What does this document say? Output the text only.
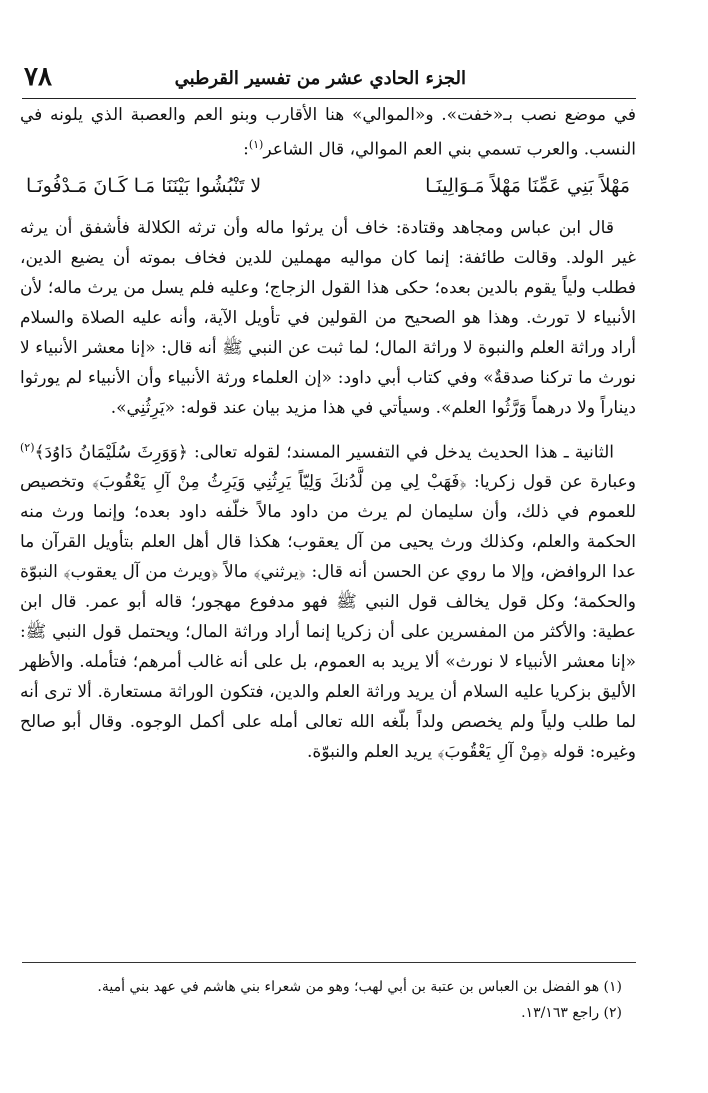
٧٨	الجزء الحادي عشر من تفسير القرطبي

في موضع نصب بـ«خفت». و«الموالي» هنا الأقارب وبنو العم والعصبة الذي يلونه في النسب. والعرب تسمي بني العم الموالي، قال الشاعر$^{(١)}$:

مَهْلاً بَنِي عَمِّنَا مَهْلاً مَـوَالِينَـا
لا تَنْبُشُوا بَيْنَنَا مَـا كَـانَ مَـدْفُونَـا

قال ابن عباس ومجاهد وقتادة: خاف أن يرثوا ماله وأن ترثه الكلالة فأشفق أن يرثه غير الولد. وقالت طائفة: إنما كان مواليه مهملين للدين فخاف بموته أن يضيع الدين، فطلب ولياً يقوم بالدين بعده؛ حكى هذا القول الزجاج؛ وعليه فلم يسل من يرث ماله؛ لأن الأنبياء لا تورث. وهذا هو الصحيح من القولين في تأويل الآية، وأنه عليه الصلاة والسلام أراد وراثة العلم والنبوة لا وراثة المال؛ لما ثبت عن النبي ﷺ أنه قال: «إنا معشر الأنبياء لا نورث ما تركنا صدقةٌ» وفي كتاب أبي داود: «إن العلماء ورثة الأنبياء وأن الأنبياء لم يورثوا ديناراً ولا درهماً وَرَّثُوا العلم». وسيأتي في هذا مزيد بيان عند قوله: «يَرِثُنِي».

الثانية ـ هذا الحديث يدخل في التفسير المسند؛ لقوله تعالى: ﴿وَوَرِثَ سُلَيْمَانُ دَاوُدَ﴾$^{(٢)}$ وعبارة عن قول زكريا: ﴿فَهَبْ لِي مِن لَّدُنكَ وَلِيّاً يَرِثُنِي وَيَرِثُ مِنْ آلِ يَعْقُوبَ﴾ وتخصيص للعموم في ذلك، وأن سليمان لم يرث من داود مالاً خلّفه داود بعده؛ وإنما ورث منه الحكمة والعلم، وكذلك ورث يحيى من آل يعقوب؛ هكذا قال أهل العلم بتأويل القرآن ما عدا الروافض، وإلا ما روي عن الحسن أنه قال: ﴿يرثني﴾ مالاً ﴿ويرث من آل يعقوب﴾ النبوّة والحكمة؛ وكل قول يخالف قول النبي ﷺ فهو مدفوع مهجور؛ قاله أبو عمر. قال ابن عطية: والأكثر من المفسرين على أن زكريا إنما أراد وراثة المال؛ ويحتمل قول النبي ﷺ: «إنا معشر الأنبياء لا نورث» ألا يريد به العموم، بل على أنه غالب أمرهم؛ فتأمله. والأظهر الأليق بزكريا عليه السلام أن يريد وراثة العلم والدين، فتكون الوراثة مستعارة. ألا ترى أنه لما طلب ولياً ولم يخصص ولداً بلّغه الله تعالى أمله على أكمل الوجوه. وقال أبو صالح وغيره: قوله ﴿مِنْ آلِ يَعْقُوبَ﴾ يريد العلم والنبوّة.

(١) هو الفضل بن العباس بن عتبة بن أبي لهب؛ وهو من شعراء بني هاشم في عهد بني أمية.
(٢) راجع ١٣/١٦٣.
